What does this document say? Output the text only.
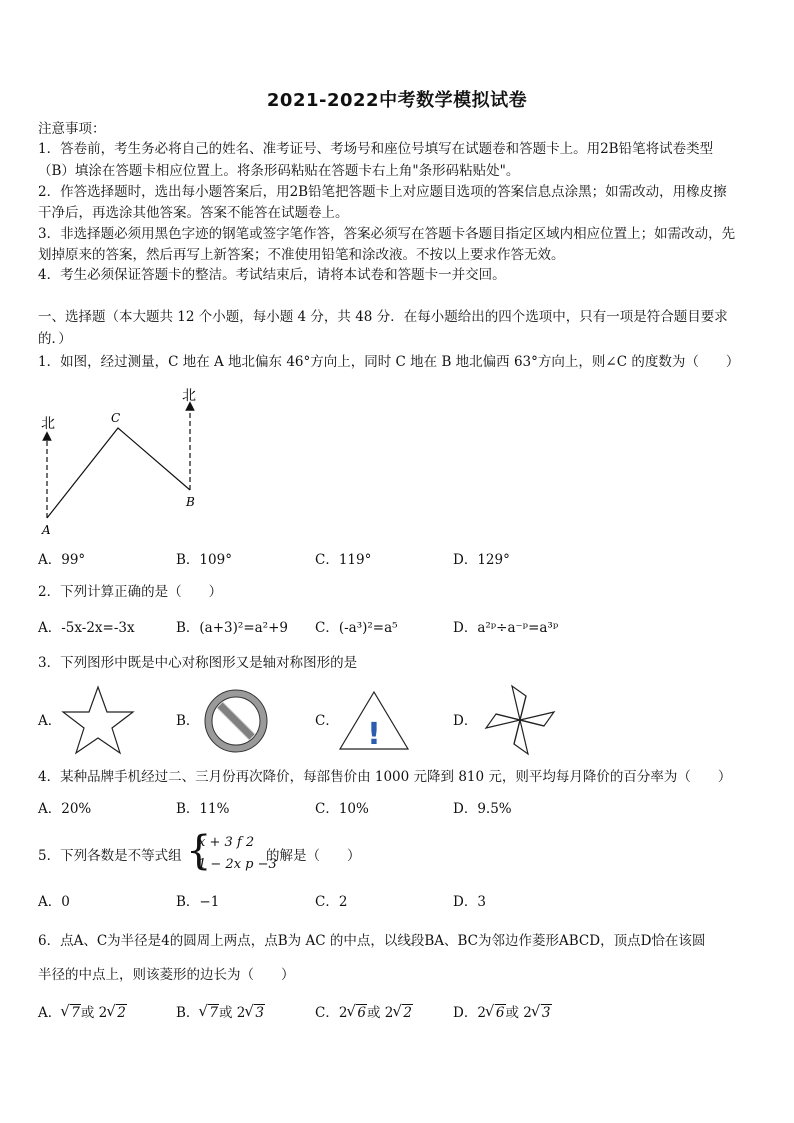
2021-2022中考数学模拟试卷
注意事项：
1．答卷前，考生务必将自己的姓名、准考证号、考场号和座位号填写在试题卷和答题卡上。用2B铅笔将试卷类型
（B）填涂在答题卡相应位置上。将条形码粘贴在答题卡右上角"条形码粘贴处"。
2．作答选择题时，选出每小题答案后，用2B铅笔把答题卡上对应题目选项的答案信息点涂黑；如需改动，用橡皮擦
干净后，再选涂其他答案。答案不能答在试题卷上。
3．非选择题必须用黑色字迹的钢笔或签字笔作答，答案必须写在答题卡各题目指定区域内相应位置上；如需改动，先
划掉原来的答案，然后再写上新答案；不准使用铅笔和涂改液。不按以上要求作答无效。
4．考生必须保证答题卡的整洁。考试结束后，请将本试卷和答题卡一并交回。
一、选择题（本大题共 12 个小题，每小题 4 分，共 48 分．在每小题给出的四个选项中，只有一项是符合题目要求
的．）
1．如图，经过测量，C 地在 A 地北偏东 46°方向上，同时 C 地在 B 地北偏西 63°方向上，则∠C 的度数为（　　）
北
北
A
C
B
A．99°	B．109°	C．119°	D．129°
2．下列计算正确的是（　　）
A．-5x-2x=-3x	B．(a+3)²=a²+9 C．(-a³)²=a⁵	D．a²ᵖ÷a⁻ᵖ=a³ᵖ
3．下列图形中既是中心对称图形又是轴对称图形的是
A．	B．	C． !	D．
4．某种品牌手机经过二、三月份再次降价，每部售价由 1000 元降到 810 元，则平均每月降价的百分率为（　　）
A．20%	B．11%	C．10%	D．9.5%
5．下列各数是不等式组 {
x + 3 f 2
1 − 2x p −3
的解是（　　）
A．0	B．−1	C．2	D．3
6．点A、C为半径是4的圆周上两点，点B为 AC 的中点，以线段BA、BC为邻边作菱形ABCD，顶点D恰在该圆
半径的中点上，则该菱形的边长为（　　）
A． √ 7或 2 √ 2	B． √ 7或 2 √ 3	C．2 √ 6或 2 √ 2	D．2 √ 6或 2 √ 3
